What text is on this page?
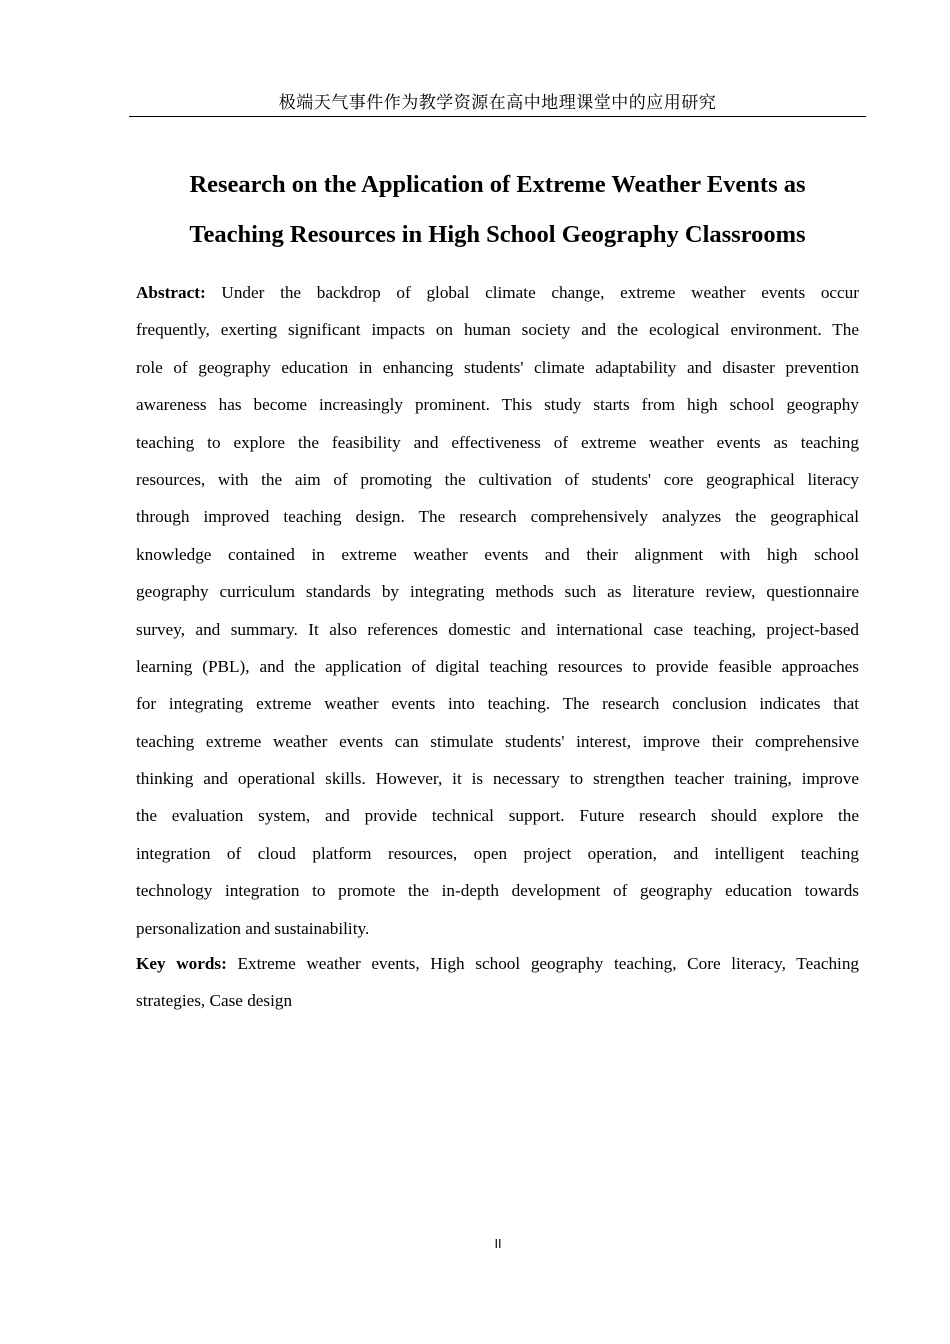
极端天气事件作为教学资源在高中地理课堂中的应用研究
Research on the Application of Extreme Weather Events as
Teaching Resources in High School Geography Classrooms
Abstract: Under the backdrop of global climate change, extreme weather events occur
frequently, exerting significant impacts on human society and the ecological environment. The
role of geography education in enhancing students' climate adaptability and disaster prevention
awareness has become increasingly prominent. This study starts from high school geography
teaching to explore the feasibility and effectiveness of extreme weather events as teaching
resources, with the aim of promoting the cultivation of students' core geographical literacy
through improved teaching design. The research comprehensively analyzes the geographical
knowledge contained in extreme weather events and their alignment with high school
geography curriculum standards by integrating methods such as literature review, questionnaire
survey, and summary. It also references domestic and international case teaching, project-based
learning (PBL), and the application of digital teaching resources to provide feasible approaches
for integrating extreme weather events into teaching. The research conclusion indicates that
teaching extreme weather events can stimulate students' interest, improve their comprehensive
thinking and operational skills. However, it is necessary to strengthen teacher training, improve
the evaluation system, and provide technical support. Future research should explore the
integration of cloud platform resources, open project operation, and intelligent teaching
technology integration to promote the in-depth development of geography education towards
personalization and sustainability.
Key words: Extreme weather events, High school geography teaching, Core literacy, Teaching
strategies, Case design
II
